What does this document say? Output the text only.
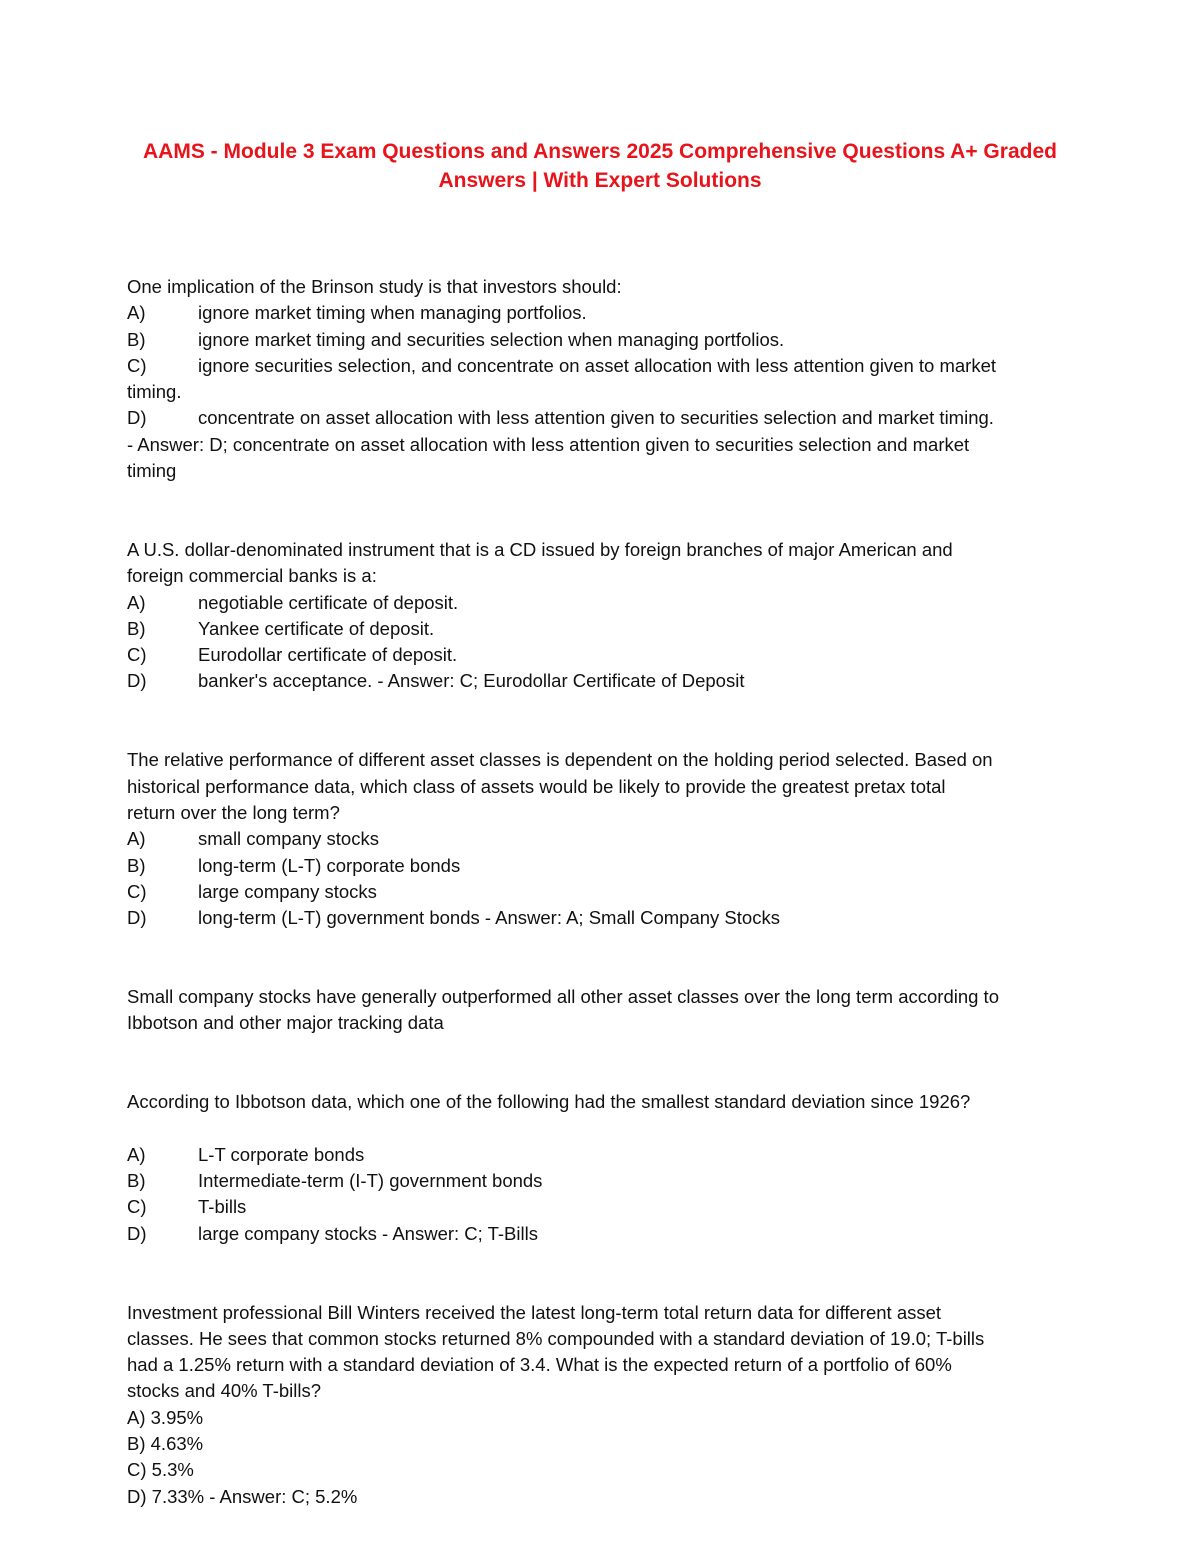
AAMS - Module 3 Exam Questions and Answers 2025 Comprehensive Questions A+ Graded
Answers | With Expert Solutions
One implication of the Brinson study is that investors should:
A)	ignore market timing when managing portfolios.
B)	ignore market timing and securities selection when managing portfolios.
C)	ignore securities selection, and concentrate on asset allocation with less attention given to market
timing.
D)	concentrate on asset allocation with less attention given to securities selection and market timing.
- Answer: D; concentrate on asset allocation with less attention given to securities selection and market
timing
A U.S. dollar-denominated instrument that is a CD issued by foreign branches of major American and
foreign commercial banks is a:
A)	negotiable certificate of deposit.
B)	Yankee certificate of deposit.
C)	Eurodollar certificate of deposit.
D)	banker's acceptance. - Answer: C; Eurodollar Certificate of Deposit
The relative performance of different asset classes is dependent on the holding period selected. Based on
historical performance data, which class of assets would be likely to provide the greatest pretax total
return over the long term?
A)	small company stocks
B)	long-term (L-T) corporate bonds
C)	large company stocks
D)	long-term (L-T) government bonds - Answer: A; Small Company Stocks
Small company stocks have generally outperformed all other asset classes over the long term according to
Ibbotson and other major tracking data
According to Ibbotson data, which one of the following had the smallest standard deviation since 1926?
A)	L-T corporate bonds
B)	Intermediate-term (I-T) government bonds
C)	T-bills
D)	large company stocks - Answer: C; T-Bills
Investment professional Bill Winters received the latest long-term total return data for different asset
classes. He sees that common stocks returned 8% compounded with a standard deviation of 19.0; T-bills
had a 1.25% return with a standard deviation of 3.4. What is the expected return of a portfolio of 60%
stocks and 40% T-bills?
A) 3.95%
B) 4.63%
C) 5.3%
D) 7.33% - Answer: C; 5.2%
